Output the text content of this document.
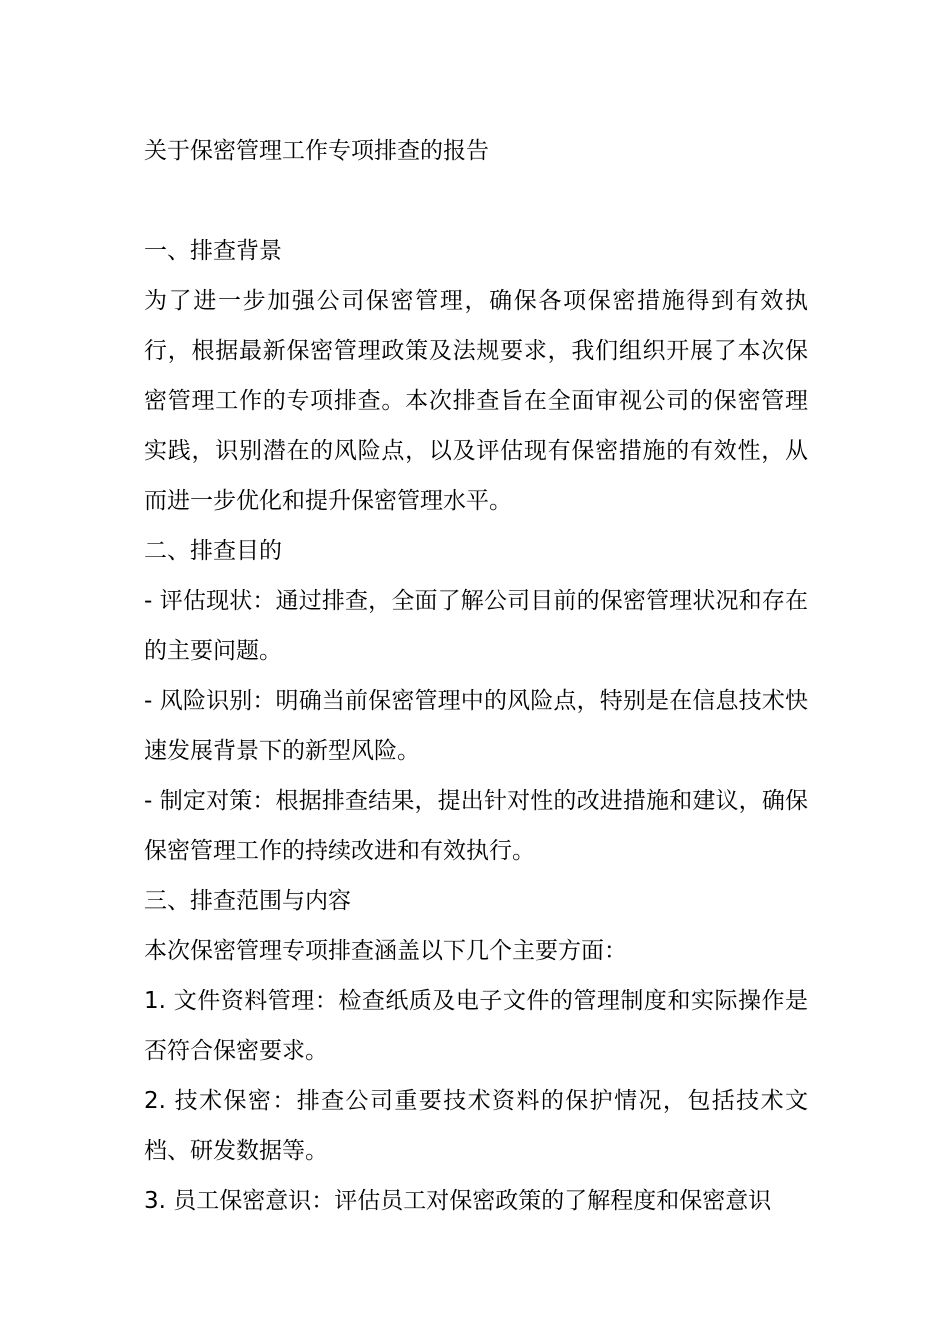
关于保密管理工作专项排查的报告
一、排查背景

为了进一步加强公司保密管理，确保各项保密措施得到有效执行，根据最新保密管理政策及法规要求，我们组织开展了本次保密管理工作的专项排查。本次排查旨在全面审视公司的保密管理实践，识别潜在的风险点，以及评估现有保密措施的有效性，从而进一步优化和提升保密管理水平。

二、排查目的

- 评估现状：通过排查，全面了解公司目前的保密管理状况和存在的主要问题。

- 风险识别：明确当前保密管理中的风险点，特别是在信息技术快速发展背景下的新型风险。

- 制定对策：根据排查结果，提出针对性的改进措施和建议，确保保密管理工作的持续改进和有效执行。

三、排查范围与内容

本次保密管理专项排查涵盖以下几个主要方面：

1. 文件资料管理：检查纸质及电子文件的管理制度和实际操作是否符合保密要求。

2. 技术保密：排查公司重要技术资料的保护情况，包括技术文档、研发数据等。

3. 员工保密意识：评估员工对保密政策的了解程度和保密意识
